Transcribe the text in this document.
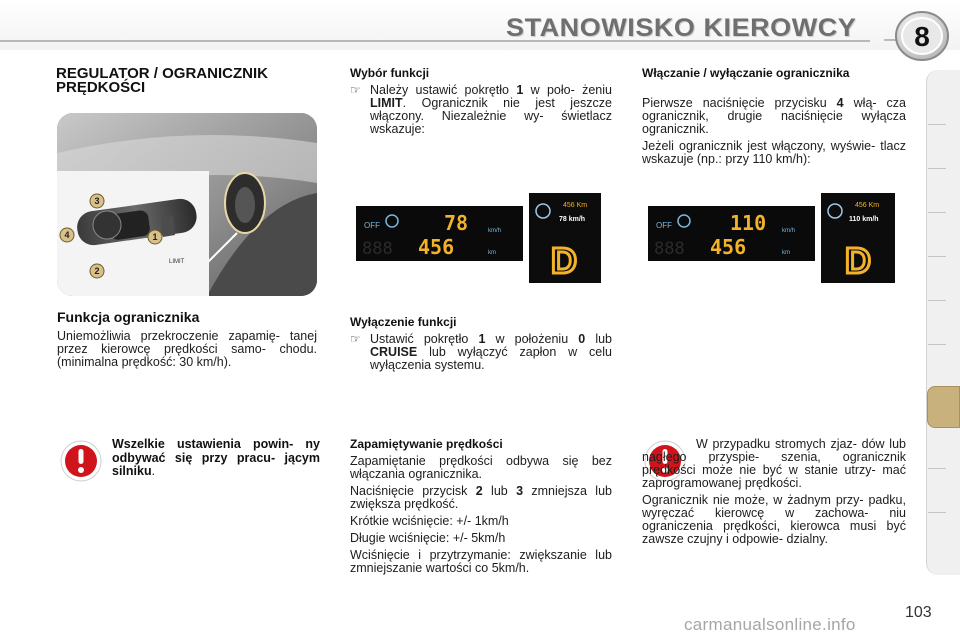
STANOWISKO KIEROWCY 8
REGULATOR / OGRANICZNIK PRĘDKOŚCI
LIMIT
3
4	1
2
Funkcja ogranicznika
Uniemożliwia przekroczenie zapamię- tanej przez kierowcę prędkości samo- chodu. (minimalna prędkość: 30 km/h).
Wszelkie ustawienia powin- ny odbywać się przy pracu- jącym silniku.
Wybór funkcji
☞ Należy ustawić pokrętło 1 w poło- żeniu LIMIT. Ogranicznik nie jest jeszcze włączony. Niezależnie wy- świetlacz wskazuje:
OFF	78	km/h
888 456	km
456 Km
78 km/h
D
Wyłączenie funkcji
☞ Ustawić pokrętło 1 w położeniu 0 lub CRUISE lub wyłączyć zapłon w celu wyłączenia systemu.
Zapamiętywanie prędkości

Zapamiętanie prędkości odbywa się bez włączania ogranicznika.

Naciśnięcie przycisk 2 lub 3 zmniejsza lub zwiększa prędkość.

Krótkie wciśnięcie: +/- 1km/h

Długie wciśnięcie: +/- 5km/h

Wciśnięcie i przytrzymanie: zwiększanie lub zmniejszanie wartości co 5km/h.

Włączanie / wyłączanie ogranicznika

Pierwsze naciśnięcie przycisku 4 włą- cza ogranicznik, drugie naciśnięcie wyłącza ogranicznik.

Jeżeli ogranicznik jest włączony, wyświe- tlacz wskazuje (np.: przy 110 km/h):

OFF	110	km/h
888 456	km
456 Km
110 km/h
D

W przypadku stromych zjaz- dów lub nagłego przyspie- szenia, ogranicznik prędkości może nie być w stanie utrzy- mać zaprogramowanej prędkości.

Ogranicznik nie może, w żadnym przy- padku, wyręczać kierowcę w zachowa- niu ograniczenia prędkości, kierowca musi być zawsze czujny i odpowie- dzialny.

103
carmanualsonline.info
